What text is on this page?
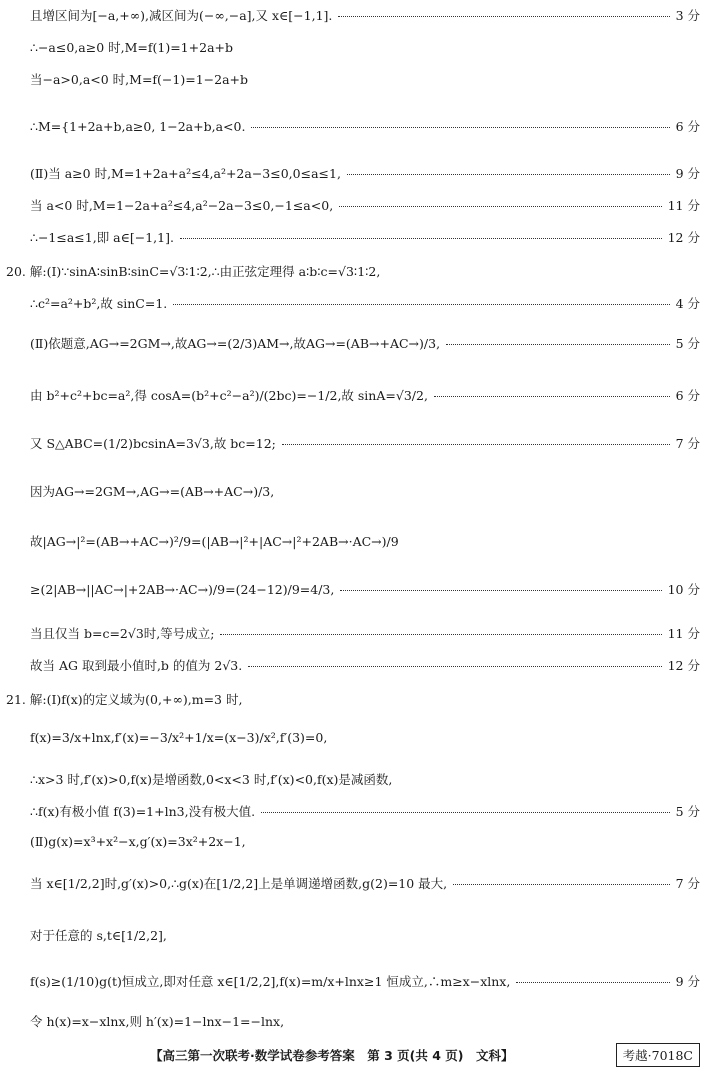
且增区间为[−a,+∞),减区间为(−∞,−a],又 x∈[−1,1].	3 分
∴−a≤0,a≥0 时,M=f(1)=1+2a+b
当−a>0,a<0 时,M=f(−1)=1−2a+b
∴M={1+2a+b,a≥0, 1−2a+b,a<0.	6 分
(Ⅱ)当 a≥0 时,M=1+2a+a²≤4,a²+2a−3≤0,0≤a≤1,	9 分
当 a<0 时,M=1−2a+a²≤4,a²−2a−3≤0,−1≤a<0,	11 分
∴−1≤a≤1,即 a∈[−1,1].	12 分
20. 解:(Ⅰ)∵sinA∶sinB∶sinC=√3∶1∶2,∴由正弦定理得 a∶b∶c=√3∶1∶2,
∴c²=a²+b²,故 sinC=1.	4 分
(Ⅱ)依题意,AG→=2GM→,故AG→=(2/3)AM→,故AG→=(AB→+AC→)/3,	5 分
由 b²+c²+bc=a²,得 cosA=(b²+c²−a²)/(2bc)=−1/2,故 sinA=√3/2,	6 分
又 S△ABC=(1/2)bcsinA=3√3,故 bc=12;	7 分
因为AG→=2GM→,AG→=(AB→+AC→)/3,
故|AG→|²=(AB→+AC→)²/9=(|AB→|²+|AC→|²+2AB→·AC→)/9
≥(2|AB→||AC→|+2AB→·AC→)/9=(24−12)/9=4/3,	10 分
当且仅当 b=c=2√3时,等号成立;	11 分
故当 AG 取到最小值时,b 的值为 2√3.	12 分
21. 解:(Ⅰ)f(x)的定义域为(0,+∞),m=3 时,
f(x)=3/x+lnx,f′(x)=−3/x²+1/x=(x−3)/x²,f′(3)=0,
∴x>3 时,f′(x)>0,f(x)是增函数,0<x<3 时,f′(x)<0,f(x)是减函数,
∴f(x)有极小值 f(3)=1+ln3,没有极大值.	5 分
(Ⅱ)g(x)=x³+x²−x,g′(x)=3x²+2x−1,
当 x∈[1/2,2]时,g′(x)>0,∴g(x)在[1/2,2]上是单调递增函数,g(2)=10 最大,	7 分
对于任意的 s,t∈[1/2,2],
f(s)≥(1/10)g(t)恒成立,即对任意 x∈[1/2,2],f(x)=m/x+lnx≥1 恒成立,∴m≥x−xlnx,	9 分
令 h(x)=x−xlnx,则 h′(x)=1−lnx−1=−lnx,
【高三第一次联考·数学试卷参考答案　第 3 页(共 4 页)　文科】	考越·7018C
